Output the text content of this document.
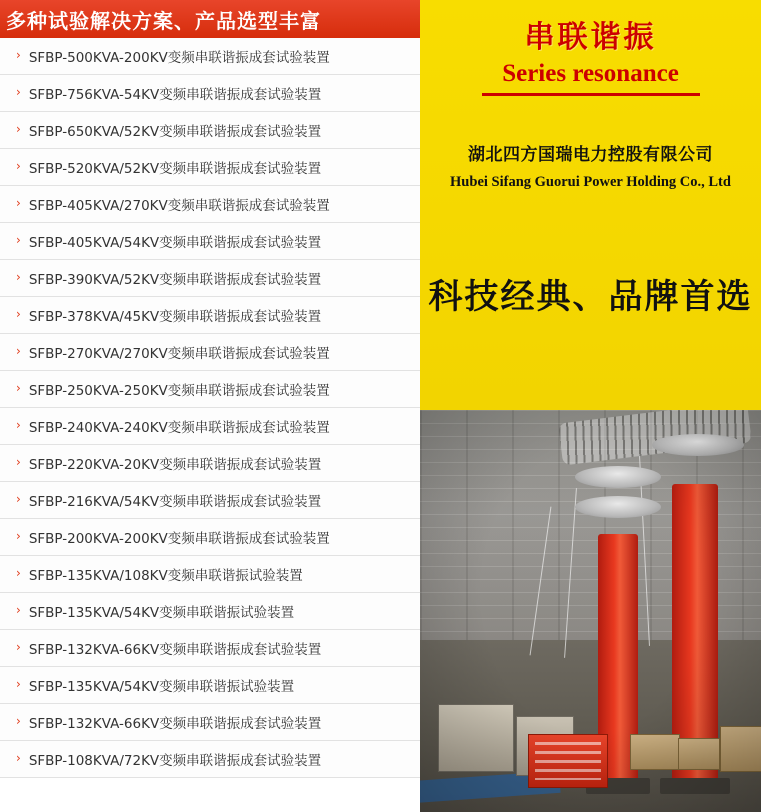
多种试验解决方案、产品选型丰富
› SFBP-500KVA-200KV变频串联谐振成套试验装置
› SFBP-756KVA-54KV变频串联谐振成套试验装置
› SFBP-650KVA/52KV变频串联谐振成套试验装置
› SFBP-520KVA/52KV变频串联谐振成套试验装置
› SFBP-405KVA/270KV变频串联谐振成套试验装置
› SFBP-405KVA/54KV变频串联谐振成套试验装置
› SFBP-390KVA/52KV变频串联谐振成套试验装置
› SFBP-378KVA/45KV变频串联谐振成套试验装置
› SFBP-270KVA/270KV变频串联谐振成套试验装置
› SFBP-250KVA-250KV变频串联谐振成套试验装置
› SFBP-240KVA-240KV变频串联谐振成套试验装置
› SFBP-220KVA-20KV变频串联谐振成套试验装置
› SFBP-216KVA/54KV变频串联谐振成套试验装置
› SFBP-200KVA-200KV变频串联谐振成套试验装置
› SFBP-135KVA/108KV变频串联谐振试验装置
› SFBP-135KVA/54KV变频串联谐振试验装置
› SFBP-132KVA-66KV变频串联谐振成套试验装置
› SFBP-135KVA/54KV变频串联谐振试验装置
› SFBP-132KVA-66KV变频串联谐振成套试验装置
› SFBP-108KVA/72KV变频串联谐振成套试验装置
串联谐振
Series resonance
湖北四方国瑞电力控股有限公司
Hubei Sifang Guorui Power Holding Co., Ltd
科技经典、品牌首选
